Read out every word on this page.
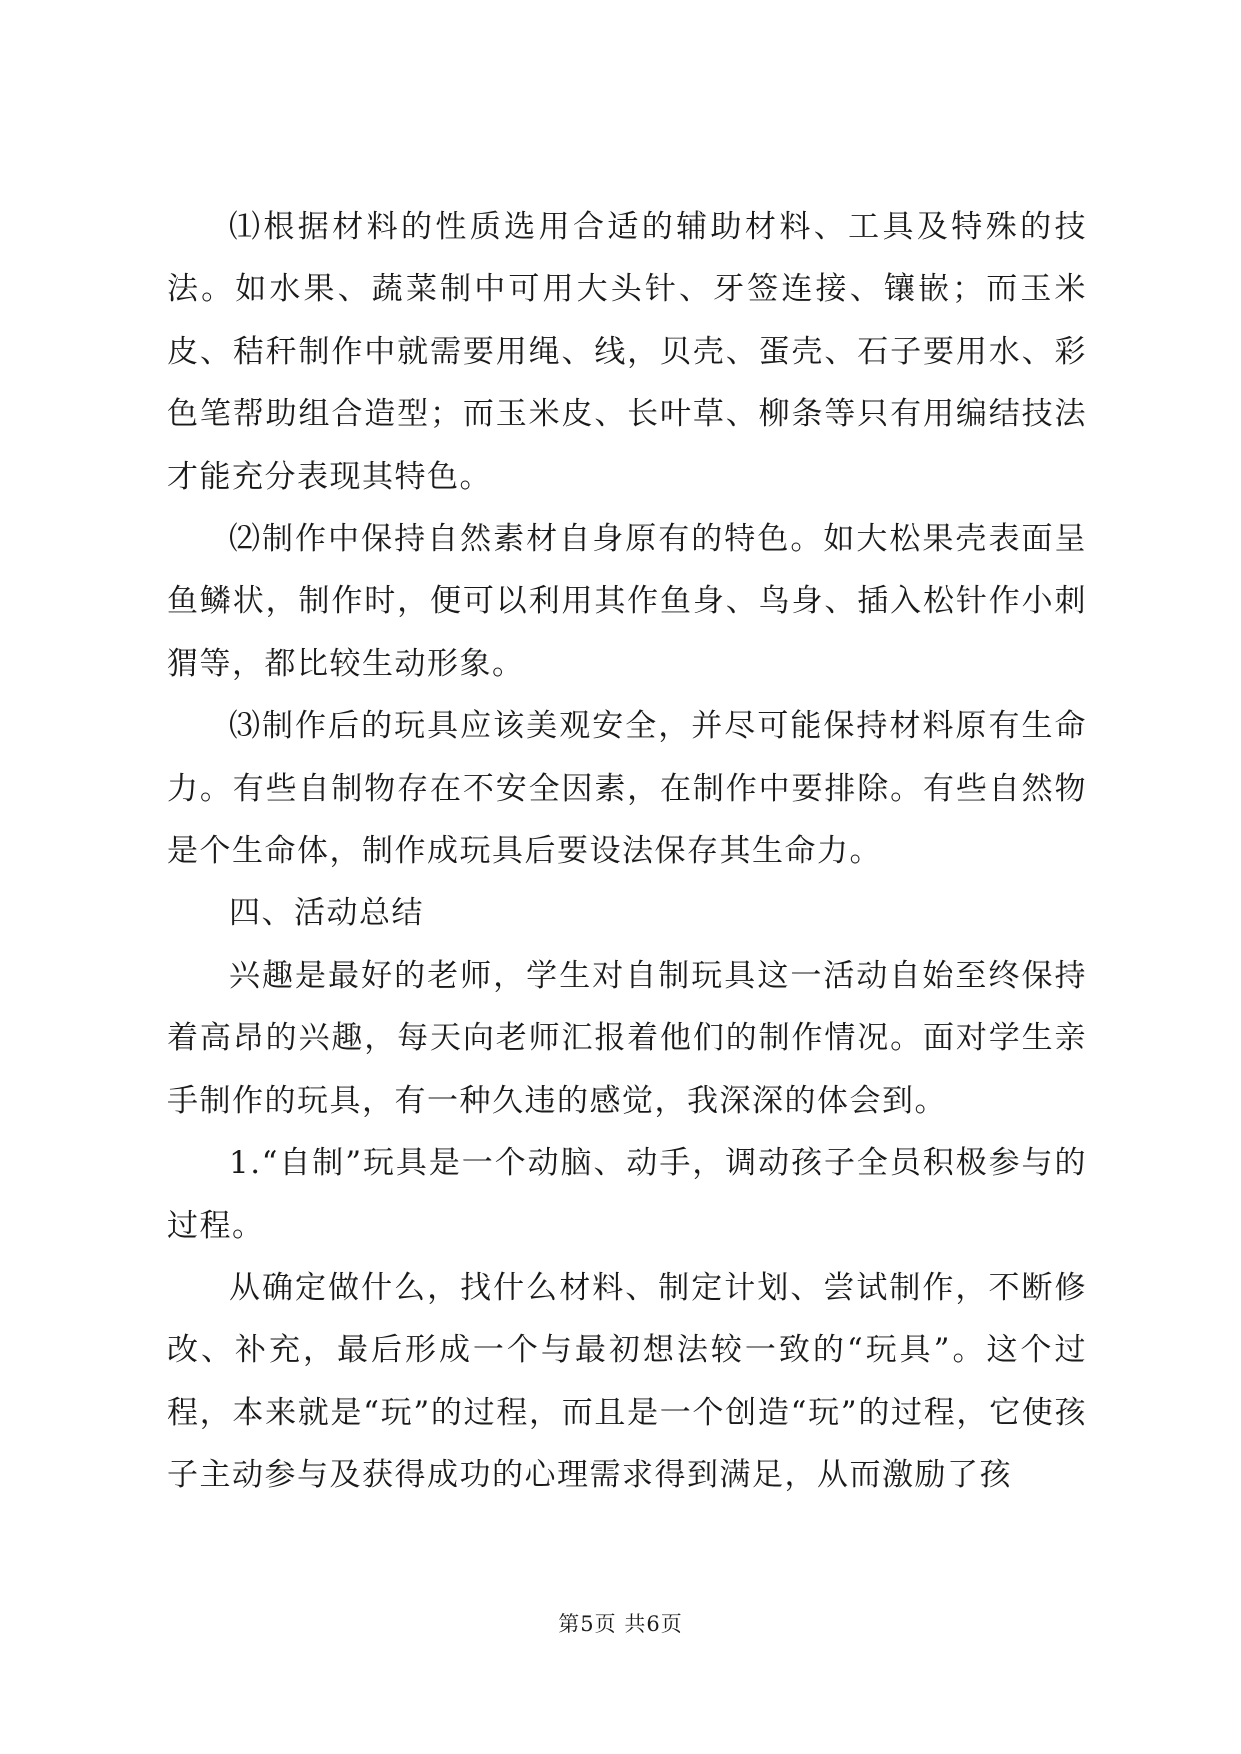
⑴根据材料的性质选用合适的辅助材料、工具及特殊的技法。如水果、蔬菜制中可用大头针、牙签连接、镶嵌；而玉米皮、秸秆制作中就需要用绳、线，贝壳、蛋壳、石子要用水、彩色笔帮助组合造型；而玉米皮、长叶草、柳条等只有用编结技法才能充分表现其特色。

⑵制作中保持自然素材自身原有的特色。如大松果壳表面呈鱼鳞状，制作时，便可以利用其作鱼身、鸟身、插入松针作小刺猬等，都比较生动形象。

⑶制作后的玩具应该美观安全，并尽可能保持材料原有生命力。有些自制物存在不安全因素，在制作中要排除。有些自然物是个生命体，制作成玩具后要设法保存其生命力。

四、活动总结

兴趣是最好的老师，学生对自制玩具这一活动自始至终保持着高昂的兴趣，每天向老师汇报着他们的制作情况。面对学生亲手制作的玩具，有一种久违的感觉，我深深的体会到。

1.“自制”玩具是一个动脑、动手，调动孩子全员积极参与的过程。

从确定做什么，找什么材料、制定计划、尝试制作，不断修改、补充，最后形成一个与最初想法较一致的“玩具”。这个过程，本来就是“玩”的过程，而且是一个创造“玩”的过程，它使孩子主动参与及获得成功的心理需求得到满足，从而激励了孩

第5页 共6页
